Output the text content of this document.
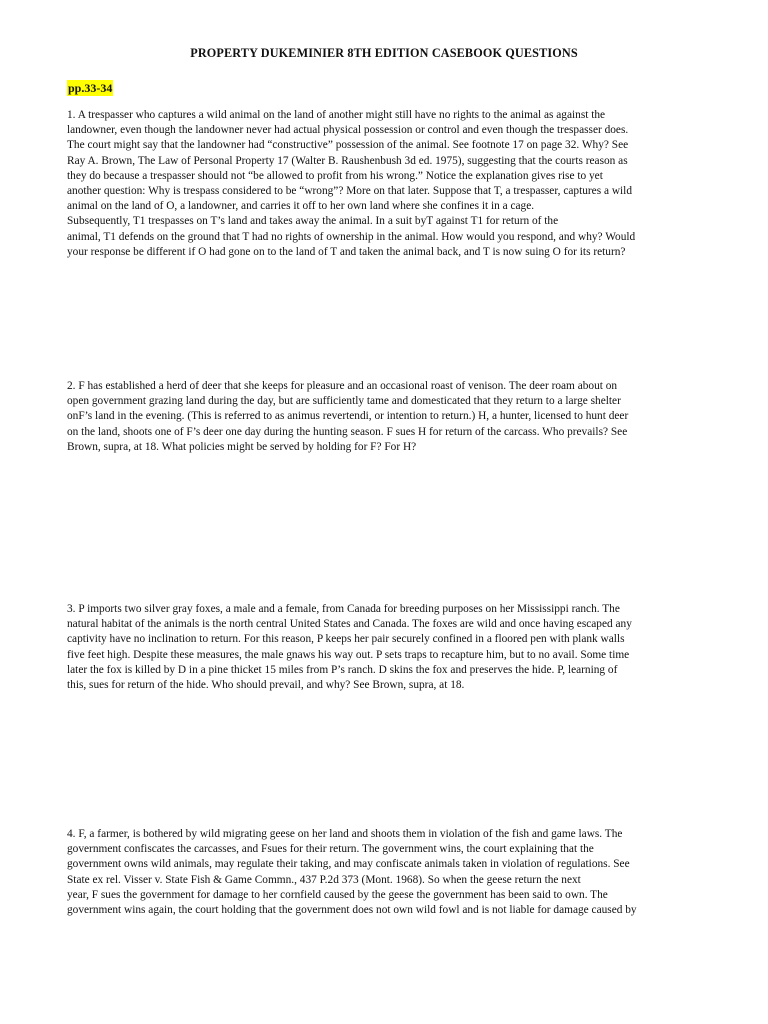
PROPERTY DUKEMINIER 8TH EDITION CASEBOOK QUESTIONS
pp.33-34
1. A trespasser who captures a wild animal on the land of another might still have no rights to the animal as against the
landowner, even though the landowner never had actual physical possession or control and even though the trespasser does.
The court might say that the landowner had “constructive” possession of the animal. See footnote 17 on page 32. Why? See
Ray A. Brown, The Law of Personal Property 17 (Walter B. Raushenbush 3d ed. 1975), suggesting that the courts reason as
they do because a trespasser should not “be allowed to profit from his wrong.” Notice the explanation gives rise to yet
another question: Why is trespass considered to be “wrong”? More on that later. Suppose that T, a trespasser, captures a wild
animal on the land of O, a landowner, and carries it off to her own land where she confines it in a cage.
Subsequently, T1 trespasses on T’s land and takes away the animal. In a suit byT against T1 for return of the
animal, T1 defends on the ground that T had no rights of ownership in the animal. How would you respond, and why? Would
your response be different if O had gone on to the land of T and taken the animal back, and T is now suing O for its return?
2. F has established a herd of deer that she keeps for pleasure and an occasional roast of venison. The deer roam about on
open government grazing land during the day, but are sufficiently tame and domesticated that they return to a large shelter
onF’s land in the evening. (This is referred to as animus revertendi, or intention to return.) H, a hunter, licensed to hunt deer
on the land, shoots one of F’s deer one day during the hunting season. F sues H for return of the carcass. Who prevails? See
Brown, supra, at 18. What policies might be served by holding for F? For H?
3. P imports two silver gray foxes, a male and a female, from Canada for breeding purposes on her Mississippi ranch. The
natural habitat of the animals is the north central United States and Canada. The foxes are wild and once having escaped any
captivity have no inclination to return. For this reason, P keeps her pair securely confined in a floored pen with plank walls
five feet high. Despite these measures, the male gnaws his way out. P sets traps to recapture him, but to no avail. Some time
later the fox is killed by D in a pine thicket 15 miles from P’s ranch. D skins the fox and preserves the hide. P, learning of
this, sues for return of the hide. Who should prevail, and why? See Brown, supra, at 18.
4. F, a farmer, is bothered by wild migrating geese on her land and shoots them in violation of the fish and game laws. The
government confiscates the carcasses, and Fsues for their return. The government wins, the court explaining that the
government owns wild animals, may regulate their taking, and may confiscate animals taken in violation of regulations. See
State ex rel. Visser v. State Fish & Game Commn., 437 P.2d 373 (Mont. 1968). So when the geese return the next
year, F sues the government for damage to her cornfield caused by the geese the government has been said to own. The
government wins again, the court holding that the government does not own wild fowl and is not liable for damage caused by
